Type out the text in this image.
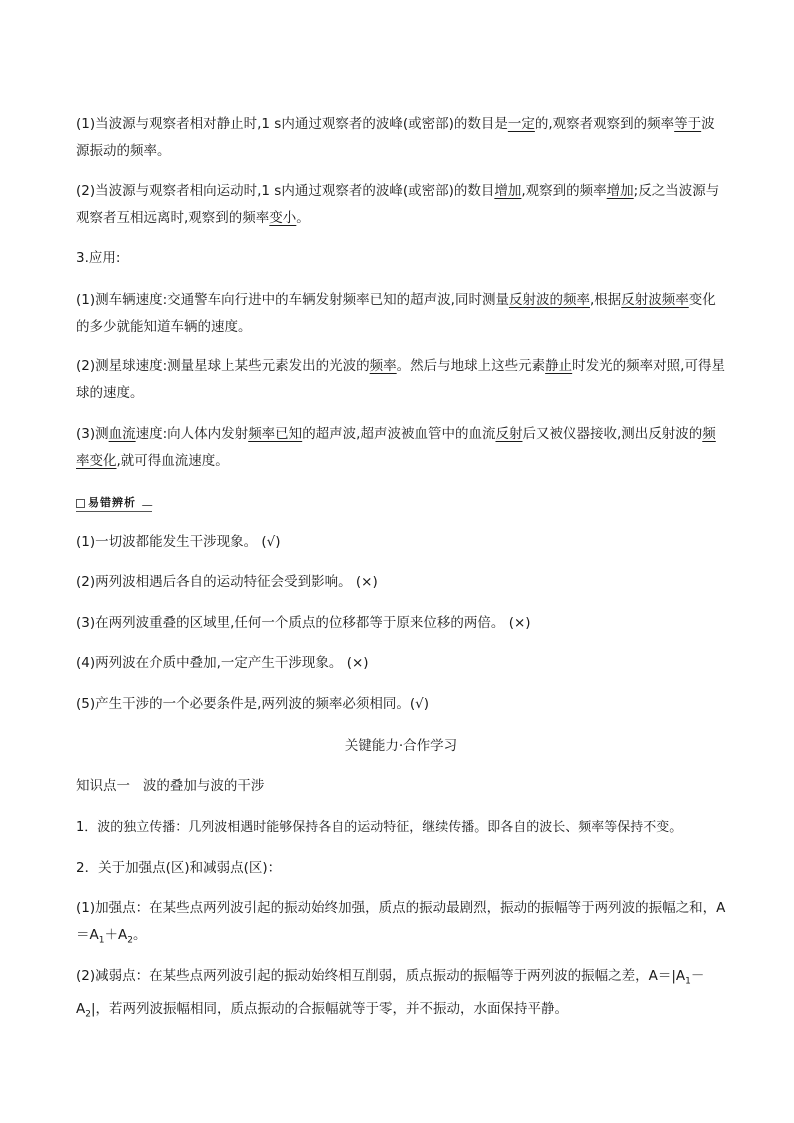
(1)当波源与观察者相对静止时,1 s内通过观察者的波峰(或密部)的数目是一定的,观察者观察到的频率等于波源振动的频率。

(2)当波源与观察者相向运动时,1 s内通过观察者的波峰(或密部)的数目增加,观察到的频率增加;反之当波源与观察者互相远离时,观察到的频率变小。

3.应用:

(1)测车辆速度:交通警车向行进中的车辆发射频率已知的超声波,同时测量反射波的频率,根据反射波频率变化的多少就能知道车辆的速度。

(2)测星球速度:测量星球上某些元素发出的光波的频率。然后与地球上这些元素静止时发光的频率对照,可得星球的速度。

(3)测血流速度:向人体内发射频率已知的超声波,超声波被血管中的血流反射后又被仪器接收,测出反射波的频率变化,就可得血流速度。

易错辨析

(1)一切波都能发生干涉现象。 (√)

(2)两列波相遇后各自的运动特征会受到影响。 (×)

(3)在两列波重叠的区域里,任何一个质点的位移都等于原来位移的两倍。 (×)

(4)两列波在介质中叠加,一定产生干涉现象。 (×)

(5)产生干涉的一个必要条件是,两列波的频率必须相同。(√)

关键能力·合作学习

知识点一   波的叠加与波的干涉

1．波的独立传播：几列波相遇时能够保持各自的运动特征，继续传播。即各自的波长、频率等保持不变。

2．关于加强点(区)和减弱点(区)：

(1)加强点：在某些点两列波引起的振动始终加强，质点的振动最剧烈，振动的振幅等于两列波的振幅之和，$A=A_1+A_2$。

(2)减弱点：在某些点两列波引起的振动始终相互削弱，质点振动的振幅等于两列波的振幅之差，$A=|A_1-A_2|$，若两列波振幅相同，质点振动的合振幅就等于零，并不振动，水面保持平静。
